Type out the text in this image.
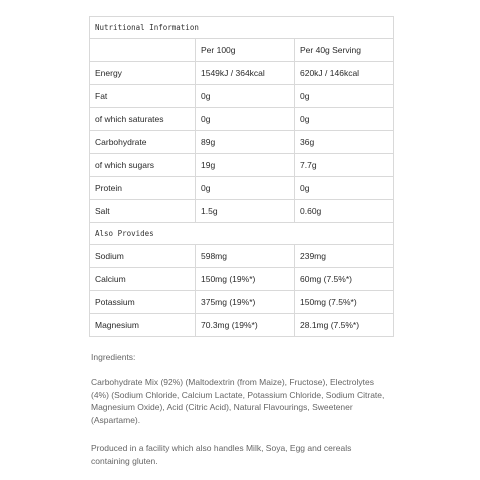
Nutritional Information		
	Per 100g	Per 40g Serving
Energy	1549kJ / 364kcal	620kJ / 146kcal
Fat	0g	0g
of which saturates	0g	0g
Carbohydrate	89g	36g
of which sugars	19g	7.7g
Protein	0g	0g
Salt	1.5g	0.60g
Also Provides		
Sodium	598mg	239mg
Calcium	150mg (19%*)	60mg (7.5%*)
Potassium	375mg (19%*)	150mg (7.5%*)
Magnesium	70.3mg (19%*)	28.1mg (7.5%*)
Ingredients:
Carbohydrate Mix (92%) (Maltodextrin (from Maize), Fructose), Electrolytes (4%) (Sodium Chloride, Calcium Lactate, Potassium Chloride, Sodium Citrate, Magnesium Oxide), Acid (Citric Acid), Natural Flavourings, Sweetener (Aspartame).
Produced in a facility which also handles Milk, Soya, Egg and cereals containing gluten.
